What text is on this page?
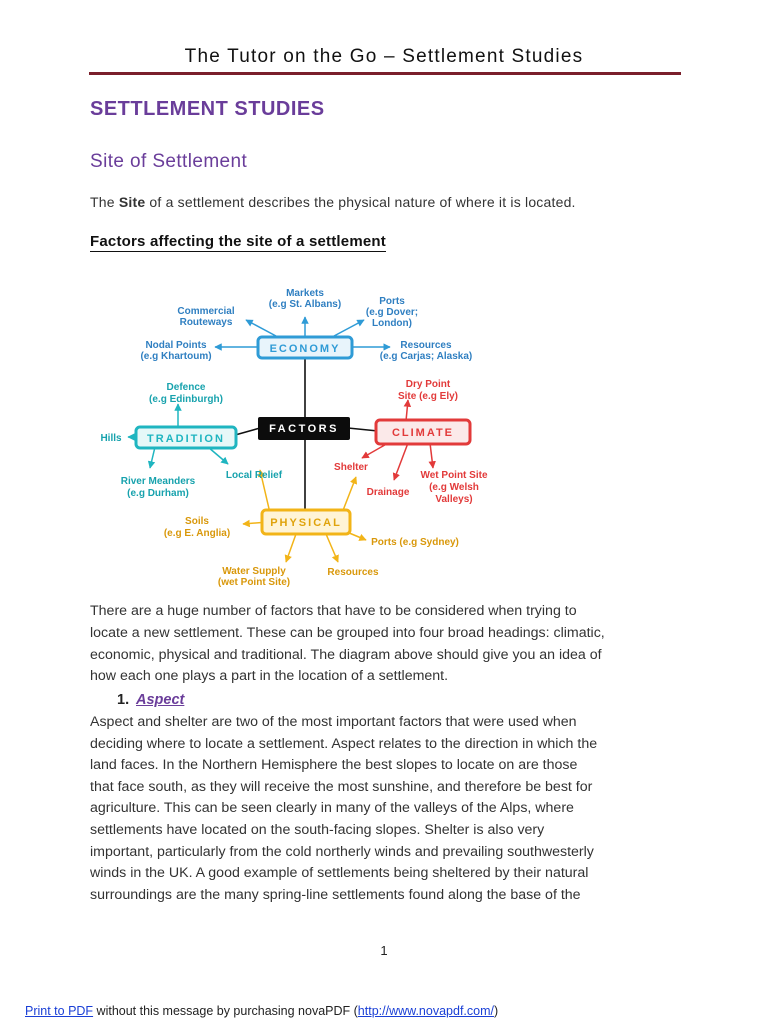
The Tutor on the Go – Settlement Studies
SETTLEMENT STUDIES
Site of Settlement
The Site of a settlement describes the physical nature of where it is located.
Factors affecting the site of a settlement
ECONOMY
TRADITION
FACTORS	CLIMATE
PHYSICAL
Markets (e.g St. Albans)
Commercial Routeways
Ports (e.g Dover; London)
Nodal Points (e.g Khartoum)
Resources (e.g Carjas; Alaska)
Defence (e.g Edinburgh)
Hills
River Meanders (e.g Durham)
Local Relief
Dry Point Site (e.g Ely)
Shelter
Drainage
Wet Point Site (e.g Welsh Valleys)
Soils (e.g E. Anglia)
Ports (e.g Sydney)
Water Supply (wet Point Site)
Resources

There are a huge number of factors that have to be considered when trying to

locate a new settlement. These can be grouped into four broad headings: climatic,

economic, physical and traditional. The diagram above should give you an idea of

how each one plays a part in the location of a settlement.

1. Aspect

Aspect and shelter are two of the most important factors that were used when

deciding where to locate a settlement. Aspect relates to the direction in which the

land faces. In the Northern Hemisphere the best slopes to locate on are those

that face south, as they will receive the most sunshine, and therefore be best for

agriculture. This can be seen clearly in many of the valleys of the Alps, where

settlements have located on the south-facing slopes. Shelter is also very

important, particularly from the cold northerly winds and prevailing southwesterly

winds in the UK. A good example of settlements being sheltered by their natural

surroundings are the many spring-line settlements found along the base of the

1
Print to PDF without this message by purchasing novaPDF (http://www.novapdf.com/)
